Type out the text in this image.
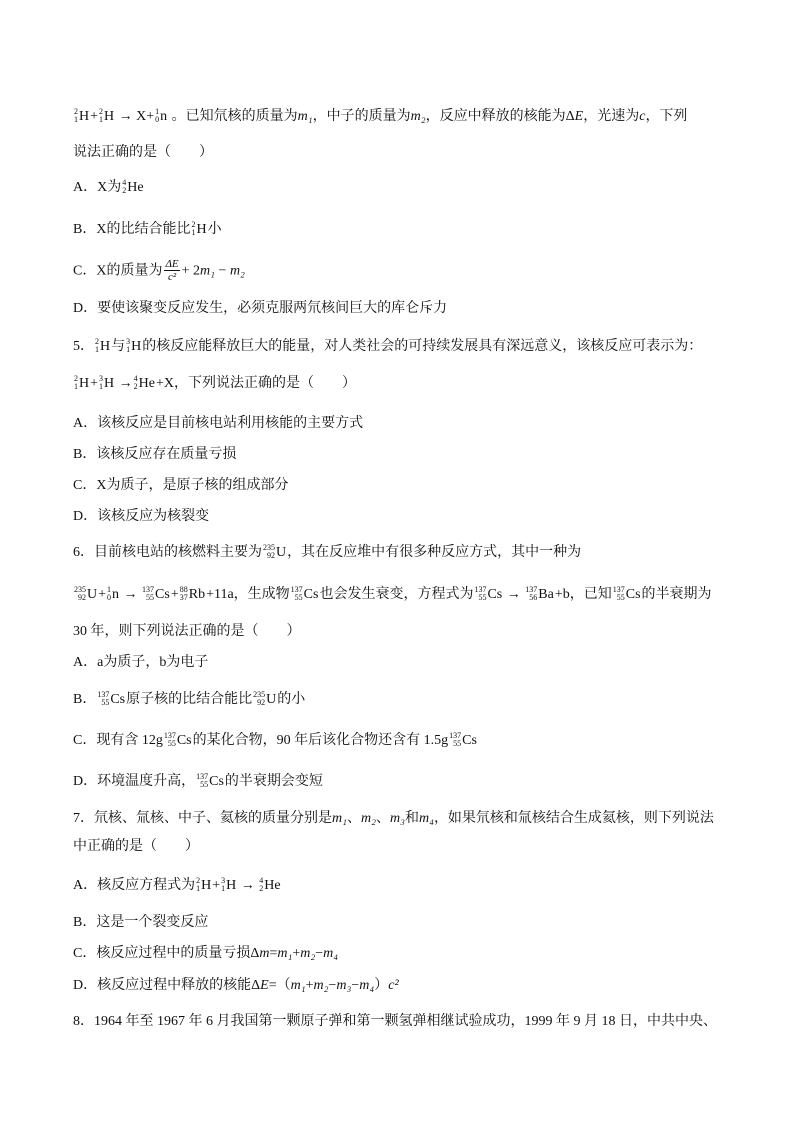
2
1 H+ 2
1 H → X+ 1
0 n 。已知氘核的质量为m₁，中子的质量为m₂，反应中释放的核能为ΔE，光速为c，下列
说法正确的是（　　）
A．X为 4
2 He
B．X的比结合能比 2
1 H小
C．X的质量为 $\frac{\Delta E}{\text{c²}} + 2m_1 - m_2$
D．要使该聚变反应发生，必须克服两氘核间巨大的库仑斥力
5． 2
1 H与 3
1 H的核反应能释放巨大的能量，对人类社会的可持续发展具有深远意义，该核反应可表示为：
2
1 H+ 3
1 H → 4
2 He+X，下列说法正确的是（　　）
A．该核反应是目前核电站利用核能的主要方式
B．该核反应存在质量亏损
C．X为质子，是原子核的组成部分
D．该核反应为核裂变
6．目前核电站的核燃料主要为 235
92 U，其在反应堆中有很多种反应方式，其中一种为
235
92 U+ 1
0 n → 137
55 Cs+ 88
37 Rb+11a，生成物 137
55 Cs也会发生衰变，方程式为 137
55 Cs → 137
56 Ba+b，已知 137
55 Cs的半衰期为
30 年，则下列说法正确的是（　　）
A．a为质子，b为电子
B． 137
55 Cs原子核的比结合能比 235
92 U的小
C．现有含 12g 137
55 Cs的某化合物，90 年后该化合物还含有 1.5g 137
55 Cs
D．环境温度升高， 137
55 Cs的半衰期会变短
7．氘核、氚核、中子、氦核的质量分别是m₁、m₂、m₃和m₄，如果氘核和氚核结合生成氦核，则下列说法
中正确的是（　　）
A．核反应方程式为 2
1 H+ 3
1 H → 4
2 He
B．这是一个裂变反应
C．核反应过程中的质量亏损Δm=m₁+m₂−m₄
D．核反应过程中释放的核能ΔE=（m₁+m₂−m₃−m₄）c²
8．1964 年至 1967 年 6 月我国第一颗原子弹和第一颗氢弹相继试验成功，1999 年 9 月 18 日，中共中央、
